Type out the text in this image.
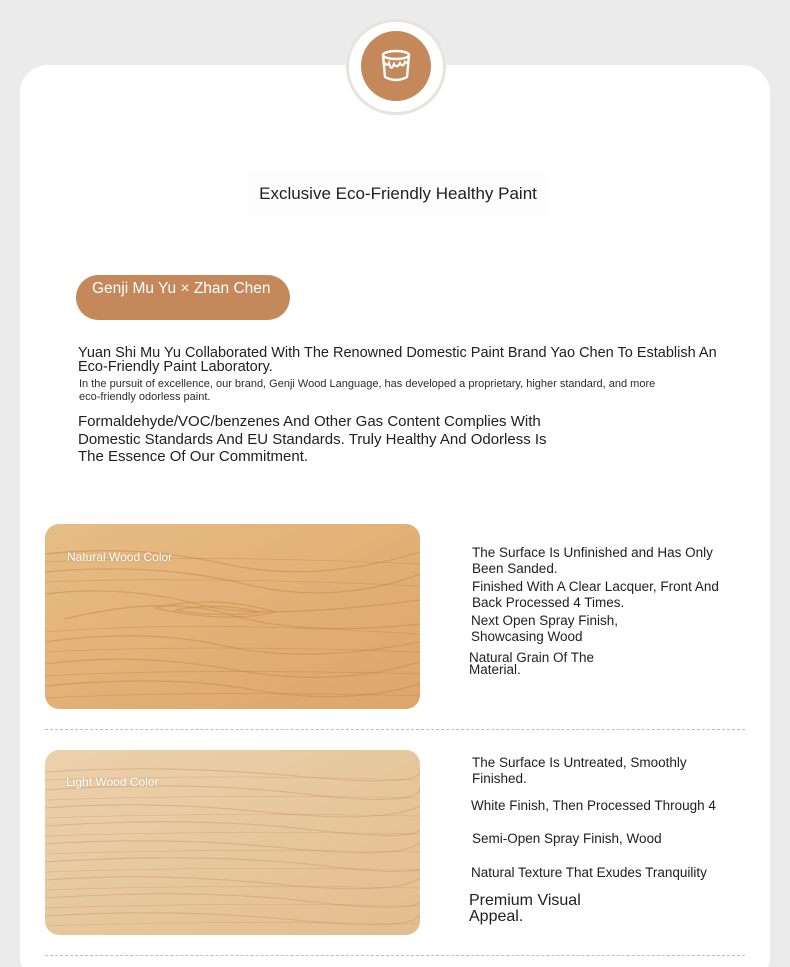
Exclusive Eco-Friendly Healthy Paint
Genji Mu Yu × Zhan Chen
Yuan Shi Mu Yu Collaborated With The Renowned Domestic Paint Brand Yao Chen To Establish An
Eco-Friendly Paint Laboratory.
In the pursuit of excellence, our brand, Genji Wood Language, has developed a proprietary, higher standard, and more
eco-friendly odorless paint.
Formaldehyde/VOC/benzenes And Other Gas Content Complies With
Domestic Standards And EU Standards. Truly Healthy And Odorless Is
The Essence Of Our Commitment.
Natural Wood Color	The Surface Is Unfinished and Has Only
Been Sanded.
Finished With A Clear Lacquer, Front And
Back Processed 4 Times.
Next Open Spray Finish,
Showcasing Wood
Natural Grain Of The
Material.
Light Wood Color
The Surface Is Untreated, Smoothly
Finished.
White Finish, Then Processed Through 4
Semi-Open Spray Finish, Wood
Natural Texture That Exudes Tranquility
Premium Visual
Appeal.
